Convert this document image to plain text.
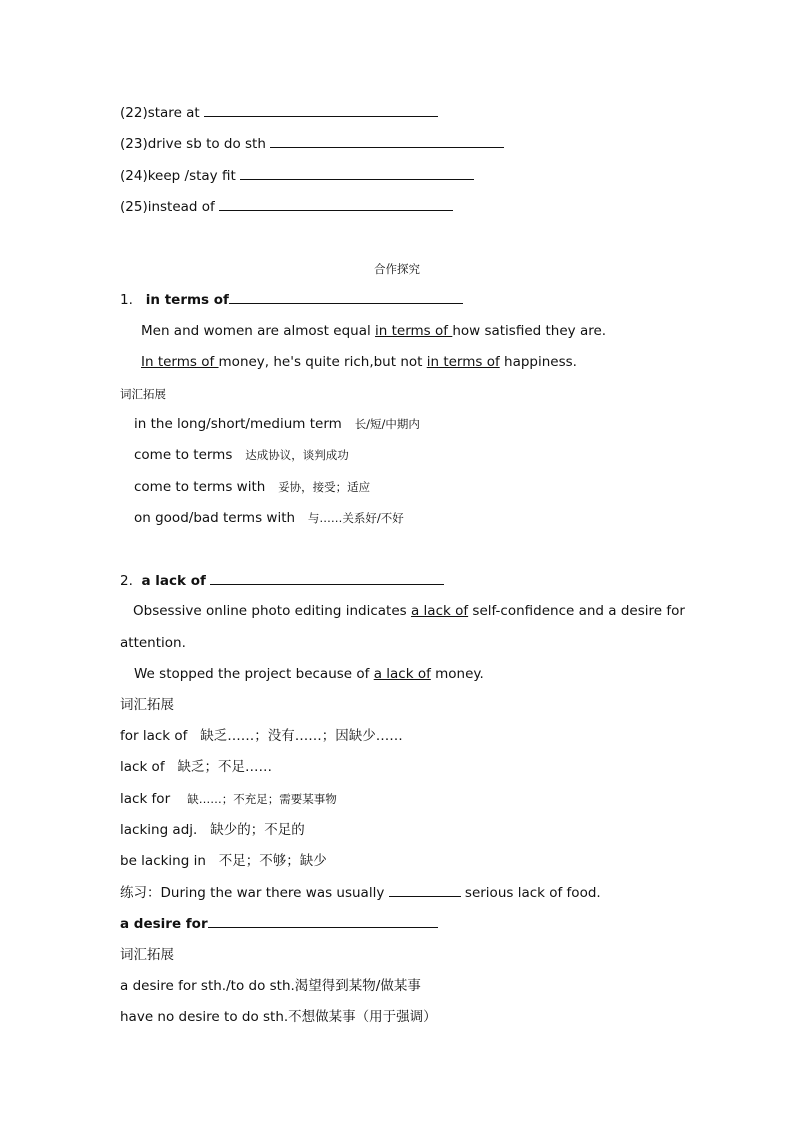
(22)stare at
(23)drive sb to do sth
(24)keep /stay fit
(25)instead of
合作探究
1. in terms of
Men and women are almost equal in terms of how satisfied they are.
In terms of money, he's quite rich,but not in terms of happiness.
词汇拓展
in the long/short/medium term 长/短/中期内
come to terms 达成协议，谈判成功
come to terms with 妥协，接受；适应
on good/bad terms with 与……关系好/不好
2. a lack of
Obsessive online photo editing indicates a lack of self-confidence and a desire for
attention.
We stopped the project because of a lack of money.
词汇拓展
for lack of 缺乏……；没有……；因缺少……
lack of 缺乏；不足……
lack for 缺……；不充足；需要某事物
lacking adj. 缺少的；不足的
be lacking in 不足；不够；缺少
练习：During the war there was usually	serious lack of food.
a desire for
词汇拓展
a desire for sth./to do sth.渴望得到某物/做某事
have no desire to do sth.不想做某事（用于强调）
